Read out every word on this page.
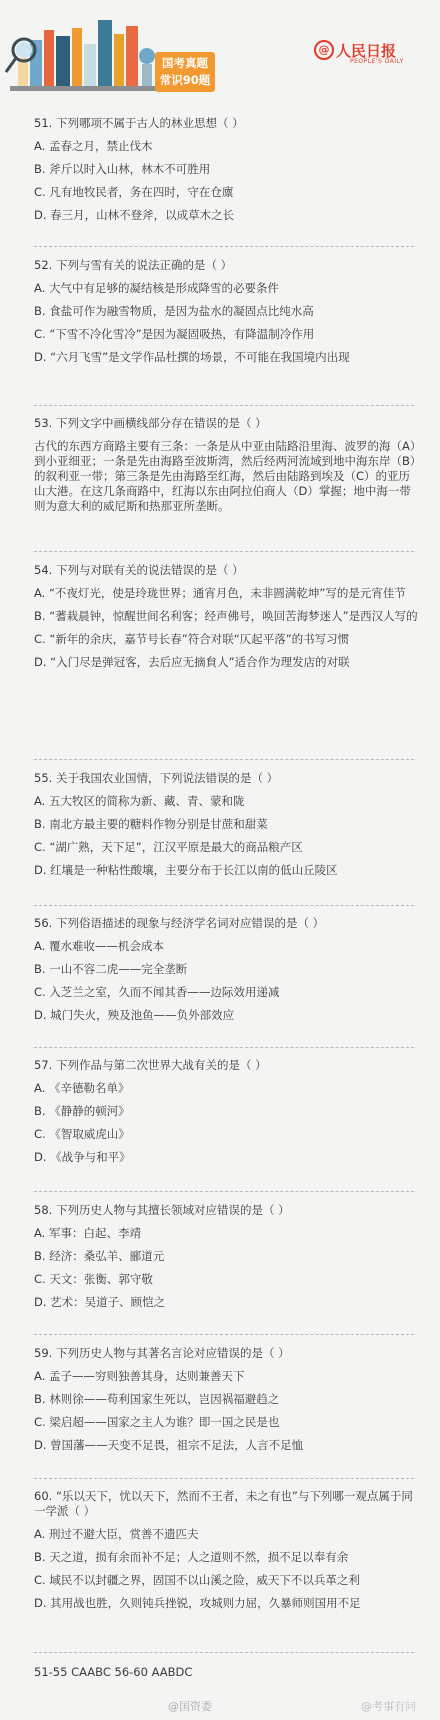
国考真题
常识90题
@ 人民日报
PEOPLE'S DAILY

51. 下列哪项不属于古人的林业思想（ ）

A. 孟春之月，禁止伐木

B. 斧斤以时入山林，林木不可胜用

C. 凡有地牧民者，务在四时，守在仓廪

D. 春三月，山林不登斧，以成草木之长

52. 下列与雪有关的说法正确的是（ ）

A. 大气中有足够的凝结核是形成降雪的必要条件

B. 食盐可作为融雪物质，是因为盐水的凝固点比纯水高

C. “下雪不冷化雪冷”是因为凝固吸热，有降温制冷作用

D. “六月飞雪”是文学作品杜撰的场景，不可能在我国境内出现

53. 下列文字中画横线部分存在错误的是（ ）

古代的东西方商路主要有三条：一条是从中亚由陆路沿里海、波罗的海（A）到小亚细亚；一条是先由海路至波斯湾，然后经两河流域到地中海东岸（B）的叙利亚一带；第三条是先由海路至红海，然后由陆路到埃及（C）的亚历山大港。在这几条商路中，红海以东由阿拉伯商人（D）掌握；地中海一带则为意大利的威尼斯和热那亚所垄断。

54. 下列与对联有关的说法错误的是（ ）

A. “不夜灯光，使是玲珑世界；通宵月色，未非圆满乾坤”写的是元宵佳节

B. “蓍栽晨钟，惊醒世间名利客；经声佛号，唤回苦海梦迷人”是西汉人写的

C. “新年的余庆，嘉节号长春”符合对联“仄起平落”的书写习惯

D. “入门尽是弹冠客，去后应无摘貟人”适合作为理发店的对联

55. 关于我国农业国情，下列说法错误的是（ ）

A. 五大牧区的简称为新、藏、青、蒙和陇

B. 南北方最主要的糖料作物分别是甘蔗和甜菜

C. “湖广熟，天下足”，江汉平原是最大的商品粮产区

D. 红壤是一种粘性酸壤，主要分布于长江以南的低山丘陵区

56. 下列俗语描述的现象与经济学名词对应错误的是（ ）

A. 覆水难收——机会成本

B. 一山不容二虎——完全垄断

C. 入芝兰之室，久而不闻其香——边际效用递减

D. 城门失火，殃及池鱼——负外部效应

57. 下列作品与第二次世界大战有关的是（ ）

A. 《辛德勒名单》

B. 《静静的顿河》

C. 《智取威虎山》

D. 《战争与和平》

58. 下列历史人物与其擅长领域对应错误的是（ ）

A. 军事：白起、李靖

B. 经济：桑弘羊、郦道元

C. 天文：张衡、郭守敬

D. 艺术：吴道子、顾恺之

59. 下列历史人物与其著名言论对应错误的是（ ）

A. 孟子——穷则独善其身，达则兼善天下

B. 林则徐——苟利国家生死以，岂因祸福避趋之

C. 梁启超——国家之主人为谁？即一国之民是也

D. 曾国藩——天变不足畏，祖宗不足法，人言不足恤

60. “乐以天下，忧以天下，然而不王者，未之有也”与下列哪一观点属于同一学派（ ）

A. 刑过不避大臣，赏善不遗匹夫

B. 天之道，损有余而补不足；人之道则不然，损不足以奉有余

C. 域民不以封疆之界，固国不以山溪之险，威天下不以兵革之利

D. 其用战也胜，久则钝兵挫锐，攻城则力屈，久暴师则国用不足

51-55 CAABC 56-60 AABDC
@国资委	@考事有问
